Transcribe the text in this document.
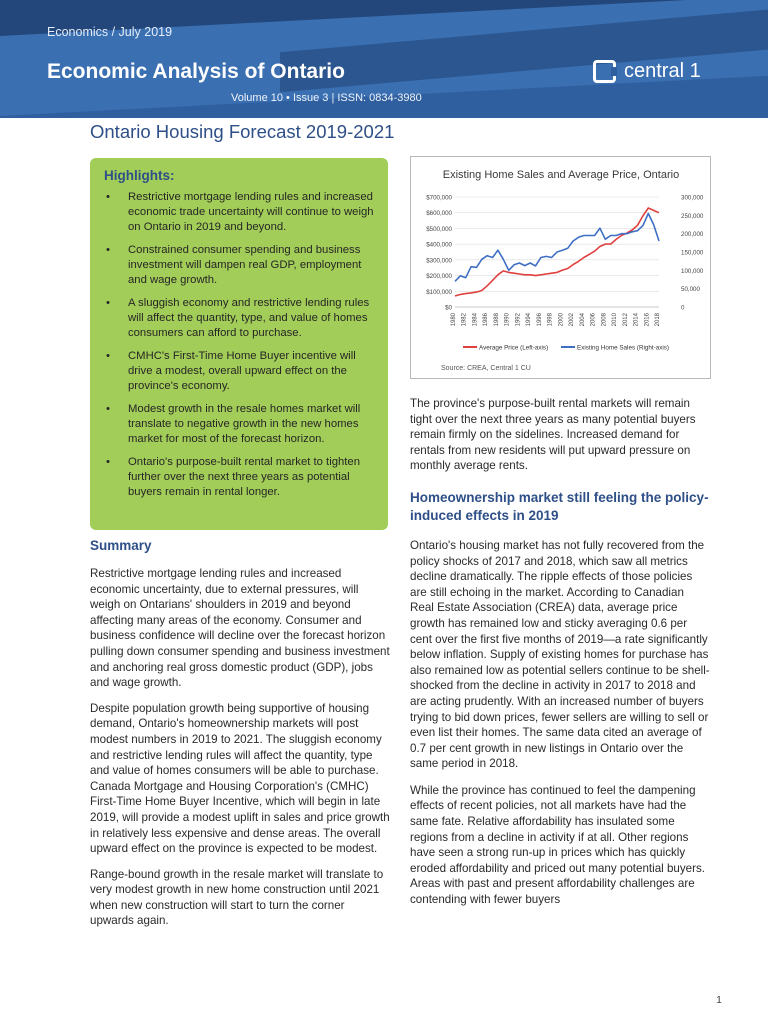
Economics / July 2019
Economic Analysis of Ontario
Volume 10 • Issue 3 | ISSN: 0834-3980
central 1
Ontario Housing Forecast 2019-2021
Highlights:
• Restrictive mortgage lending rules and increased economic trade uncertainty will continue to weigh on Ontario in 2019 and beyond.
• Constrained consumer spending and business investment will dampen real GDP, employment and wage growth.
• A sluggish economy and restrictive lending rules will affect the quantity, type, and value of homes consumers can afford to purchase.
• CMHC's First-Time Home Buyer incentive will drive a modest, overall upward effect on the province's economy.
• Modest growth in the resale homes market will translate to negative growth in the new homes market for most of the forecast horizon.
• Ontario's purpose-built rental market to tighten further over the next three years as potential buyers remain in rental longer.
Summary

Restrictive mortgage lending rules and increased economic uncertainty, due to external pressures, will weigh on Ontarians' shoulders in 2019 and beyond affecting many areas of the economy. Consumer and business confidence will decline over the forecast horizon pulling down consumer spending and business investment and anchoring real gross domestic product (GDP), jobs and wage growth.

Despite population growth being supportive of housing demand, Ontario's homeownership markets will post modest numbers in 2019 to 2021. The sluggish economy and restrictive lending rules will affect the quantity, type and value of homes consumers will be able to purchase. Canada Mortgage and Housing Corporation's (CMHC) First-Time Home Buyer Incentive, which will begin in late 2019, will provide a modest uplift in sales and price growth in relatively less expensive and dense areas. The overall upward effect on the province is expected to be modest.

Range-bound growth in the resale market will translate to very modest growth in new home construction until 2021 when new construction will start to turn the corner upwards again.

Existing Home Sales and Average Price, Ontario
$0
$100,000
$200,000
$300,000
$400,000
$500,000
$600,000
$700,000
0
50,000
100,000
150,000
200,000
250,000
300,000
1980 1982 1984 1986 1988 1990 1992 1994 1996 1998 2000 2002 2004 2006 2008 2010 2012 2014 2016 2018
Average Price (Left-axis)	Existing Home Sales (Right-axis)
Source: CREA, Central 1 CU

The province's purpose-built rental markets will remain tight over the next three years as many potential buyers remain firmly on the sidelines. Increased demand for rentals from new residents will put upward pressure on monthly average rents.

Homeownership market still feeling the policy-induced effects in 2019

Ontario's housing market has not fully recovered from the policy shocks of 2017 and 2018, which saw all metrics decline dramatically. The ripple effects of those policies are still echoing in the market. According to Canadian Real Estate Association (CREA) data, average price growth has remained low and sticky averaging 0.6 per cent over the first five months of 2019—a rate significantly below inflation. Supply of existing homes for purchase has also remained low as potential sellers continue to be shell-shocked from the decline in activity in 2017 to 2018 and are acting prudently. With an increased number of buyers trying to bid down prices, fewer sellers are willing to sell or even list their homes. The same data cited an average of 0.7 per cent growth in new listings in Ontario over the same period in 2018.

While the province has continued to feel the dampening effects of recent policies, not all markets have had the same fate. Relative affordability has insulated some regions from a decline in activity if at all. Other regions have seen a strong run-up in prices which has quickly eroded affordability and priced out many potential buyers. Areas with past and present affordability challenges are contending with fewer buyers

1
